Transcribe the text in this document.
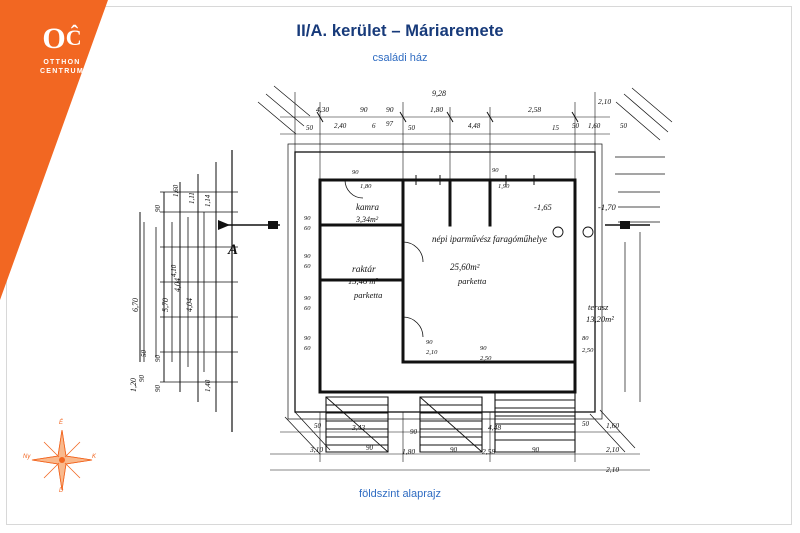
OĈ
OTTHON
CENTRUM
É
D
Ny	K
II/A. kerület – Máriaremete
családi ház
földszint alaprajz
kamra
3,34m²
raktár
15,46 m²
parketta
népi iparművész faragóműhelye
25,60m²
parketta
terasz
13,20m²
-1,65	-1,70
A
9,28
4,30	90 90	1,80	2,58
2,10
50	2,40	6 97 50	4,48	15 50 1,60	50
6,70	4,04
5,70
4,04
1,20
1,14
1,60
90
90
4,10
1,11
50
90
90	1,40
90
60
90
60
90
60
90
60
90
1,80
90
1,90
90
2,10
90
2,50
80
2,50
50	3,43	90	4,48	50 1,60
3,10	90	1,80	90	2,58	90	2,10
2,10
